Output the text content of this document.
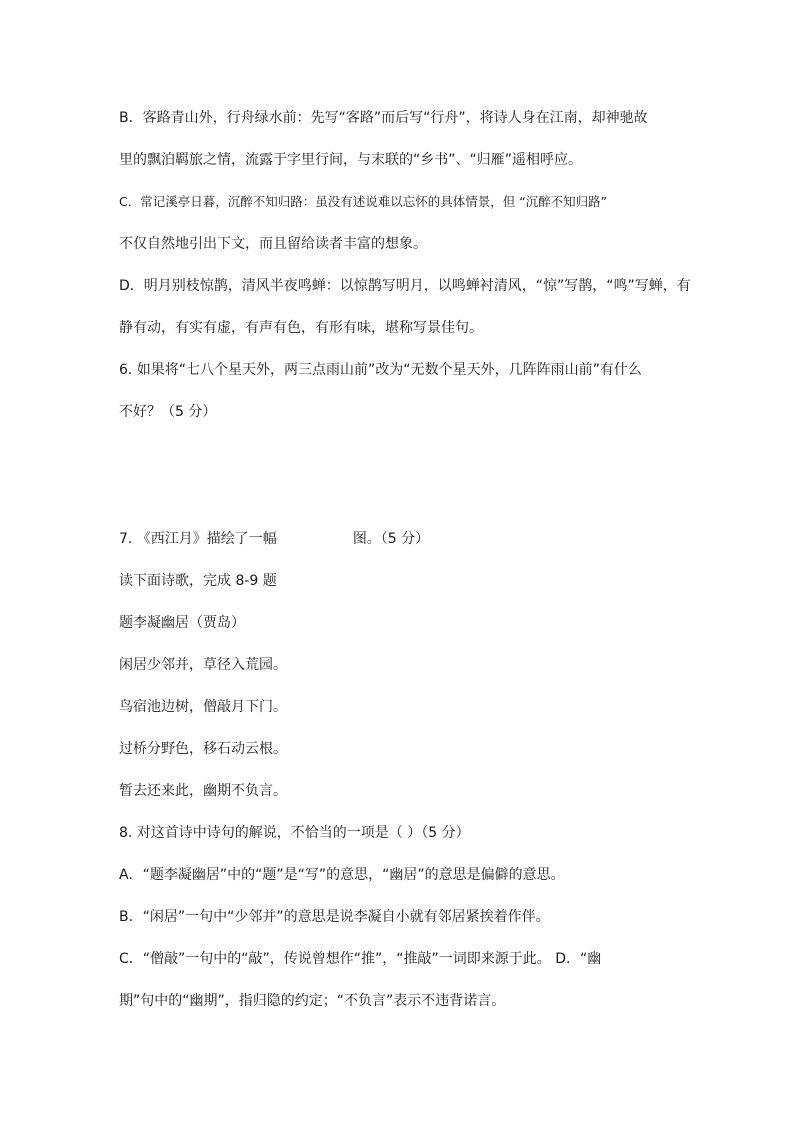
B．客路青山外，行舟绿水前：先写“客路”而后写“行舟”，将诗人身在江南，却神驰故
里的飘泊羁旅之情，流露于字里行间，与末联的“乡书”、“归雁”遥相呼应。
C．常记溪亭日暮，沉醉不知归路：虽没有述说难以忘怀的具体情景，但 “沉醉不知归路”
不仅自然地引出下文，而且留给读者丰富的想象。
D．明月别枝惊鹊，清风半夜鸣蝉：以惊鹊写明月，以鸣蝉衬清风，“惊”写鹊，“鸣”写蝉，有
静有动，有实有虚，有声有色，有形有味，堪称写景佳句。
6. 如果将“七八个星天外，两三点雨山前”改为“无数个星天外，几阵阵雨山前”有什么
不好？（5 分）
7. 《西江月》描绘了一幅	图。（5 分）
读下面诗歌，完成 8-9 题
题李凝幽居（贾岛）
闲居少邻并，草径入荒园。
鸟宿池边树，僧敲月下门。
过桥分野色，移石动云根。
暂去还来此，幽期不负言。
8. 对这首诗中诗句的解说，不恰当的一项是（ ）（5 分）
A．“题李凝幽居”中的“题”是“写”的意思，“幽居”的意思是偏僻的意思。
B．“闲居”一句中“少邻并”的意思是说李凝自小就有邻居紧挨着作伴。
C．“僧敲”一句中的“敲”，传说曾想作“推”，“推敲”一词即来源于此。 D．“幽
期”句中的“幽期”，指归隐的约定；“不负言”表示不违背诺言。
